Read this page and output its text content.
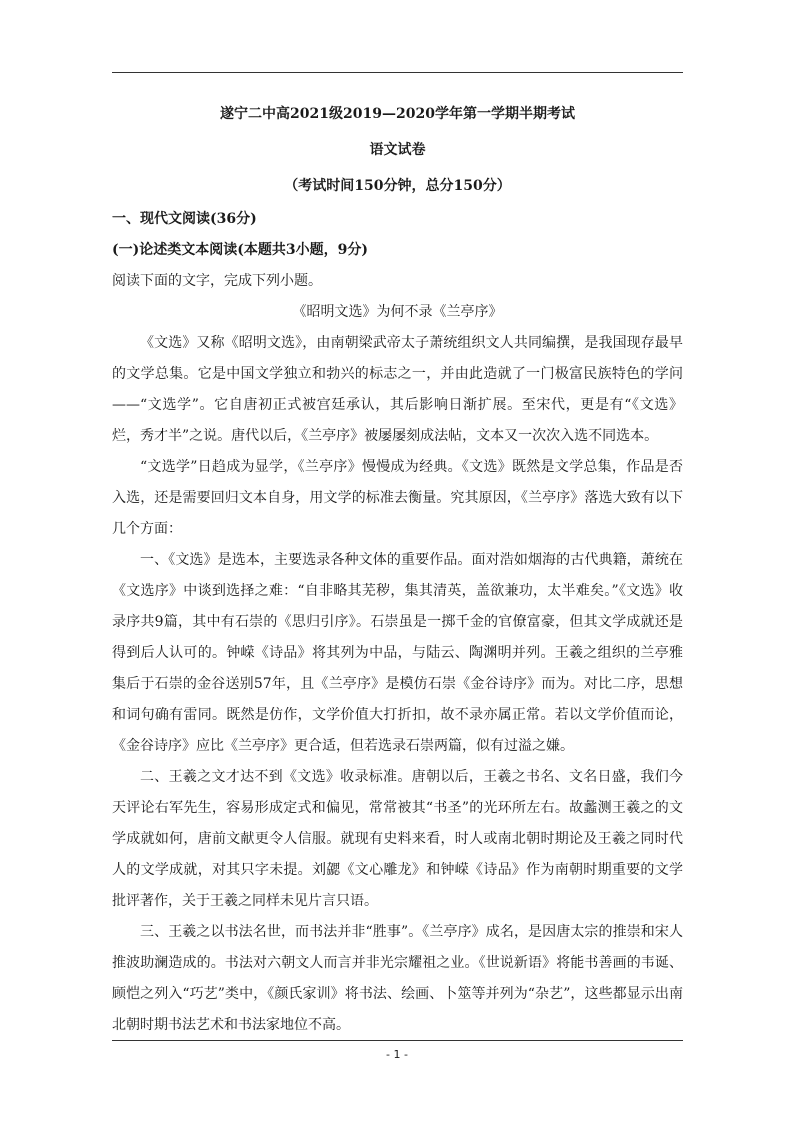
遂宁二中高2021级2019—2020学年第一学期半期考试
语文试卷
（考试时间150分钟，总分150分）
一、现代文阅读(36分)
(一)论述类文本阅读(本题共3小题，9分)
阅读下面的文字，完成下列小题。
《昭明文选》为何不录《兰亭序》

《文选》又称《昭明文选》，由南朝梁武帝太子萧统组织文人共同编撰，是我国现存最早的文学总集。它是中国文学独立和勃兴的标志之一，并由此造就了一门极富民族特色的学问——“文选学”。它自唐初正式被宫廷承认，其后影响日渐扩展。至宋代，更是有“《文选》烂，秀才半”之说。唐代以后，《兰亭序》被屡屡刻成法帖，文本又一次次入选不同选本。

“文选学”日趋成为显学，《兰亭序》慢慢成为经典。《文选》既然是文学总集，作品是否入选，还是需要回归文本自身，用文学的标准去衡量。究其原因，《兰亭序》落选大致有以下几个方面：

一、《文选》是选本，主要选录各种文体的重要作品。面对浩如烟海的古代典籍，萧统在《文选序》中谈到选择之难：“自非略其芜秽，集其清英，盖欲兼功，太半难矣。”《文选》收录序共9篇，其中有石崇的《思归引序》。石崇虽是一掷千金的官僚富豪，但其文学成就还是得到后人认可的。钟嵘《诗品》将其列为中品，与陆云、陶渊明并列。王羲之组织的兰亭雅集后于石崇的金谷送别57年，且《兰亭序》是模仿石崇《金谷诗序》而为。对比二序，思想和词句确有雷同。既然是仿作，文学价值大打折扣，故不录亦属正常。若以文学价值而论，《金谷诗序》应比《兰亭序》更合适，但若选录石崇两篇，似有过溢之嫌。

二、王羲之文才达不到《文选》收录标准。唐朝以后，王羲之书名、文名日盛，我们今天评论右军先生，容易形成定式和偏见，常常被其“书圣”的光环所左右。故蠡测王羲之的文学成就如何，唐前文献更令人信服。就现有史料来看，时人或南北朝时期论及王羲之同时代人的文学成就，对其只字未提。刘勰《文心雕龙》和钟嵘《诗品》作为南朝时期重要的文学批评著作，关于王羲之同样未见片言只语。

三、王羲之以书法名世，而书法并非“胜事”。《兰亭序》成名，是因唐太宗的推崇和宋人推波助澜造成的。书法对六朝文人而言并非光宗耀祖之业。《世说新语》将能书善画的韦诞、顾恺之列入“巧艺”类中，《颜氏家训》将书法、绘画、卜筮等并列为“杂艺”，这些都显示出南北朝时期书法艺术和书法家地位不高。

- 1 -
